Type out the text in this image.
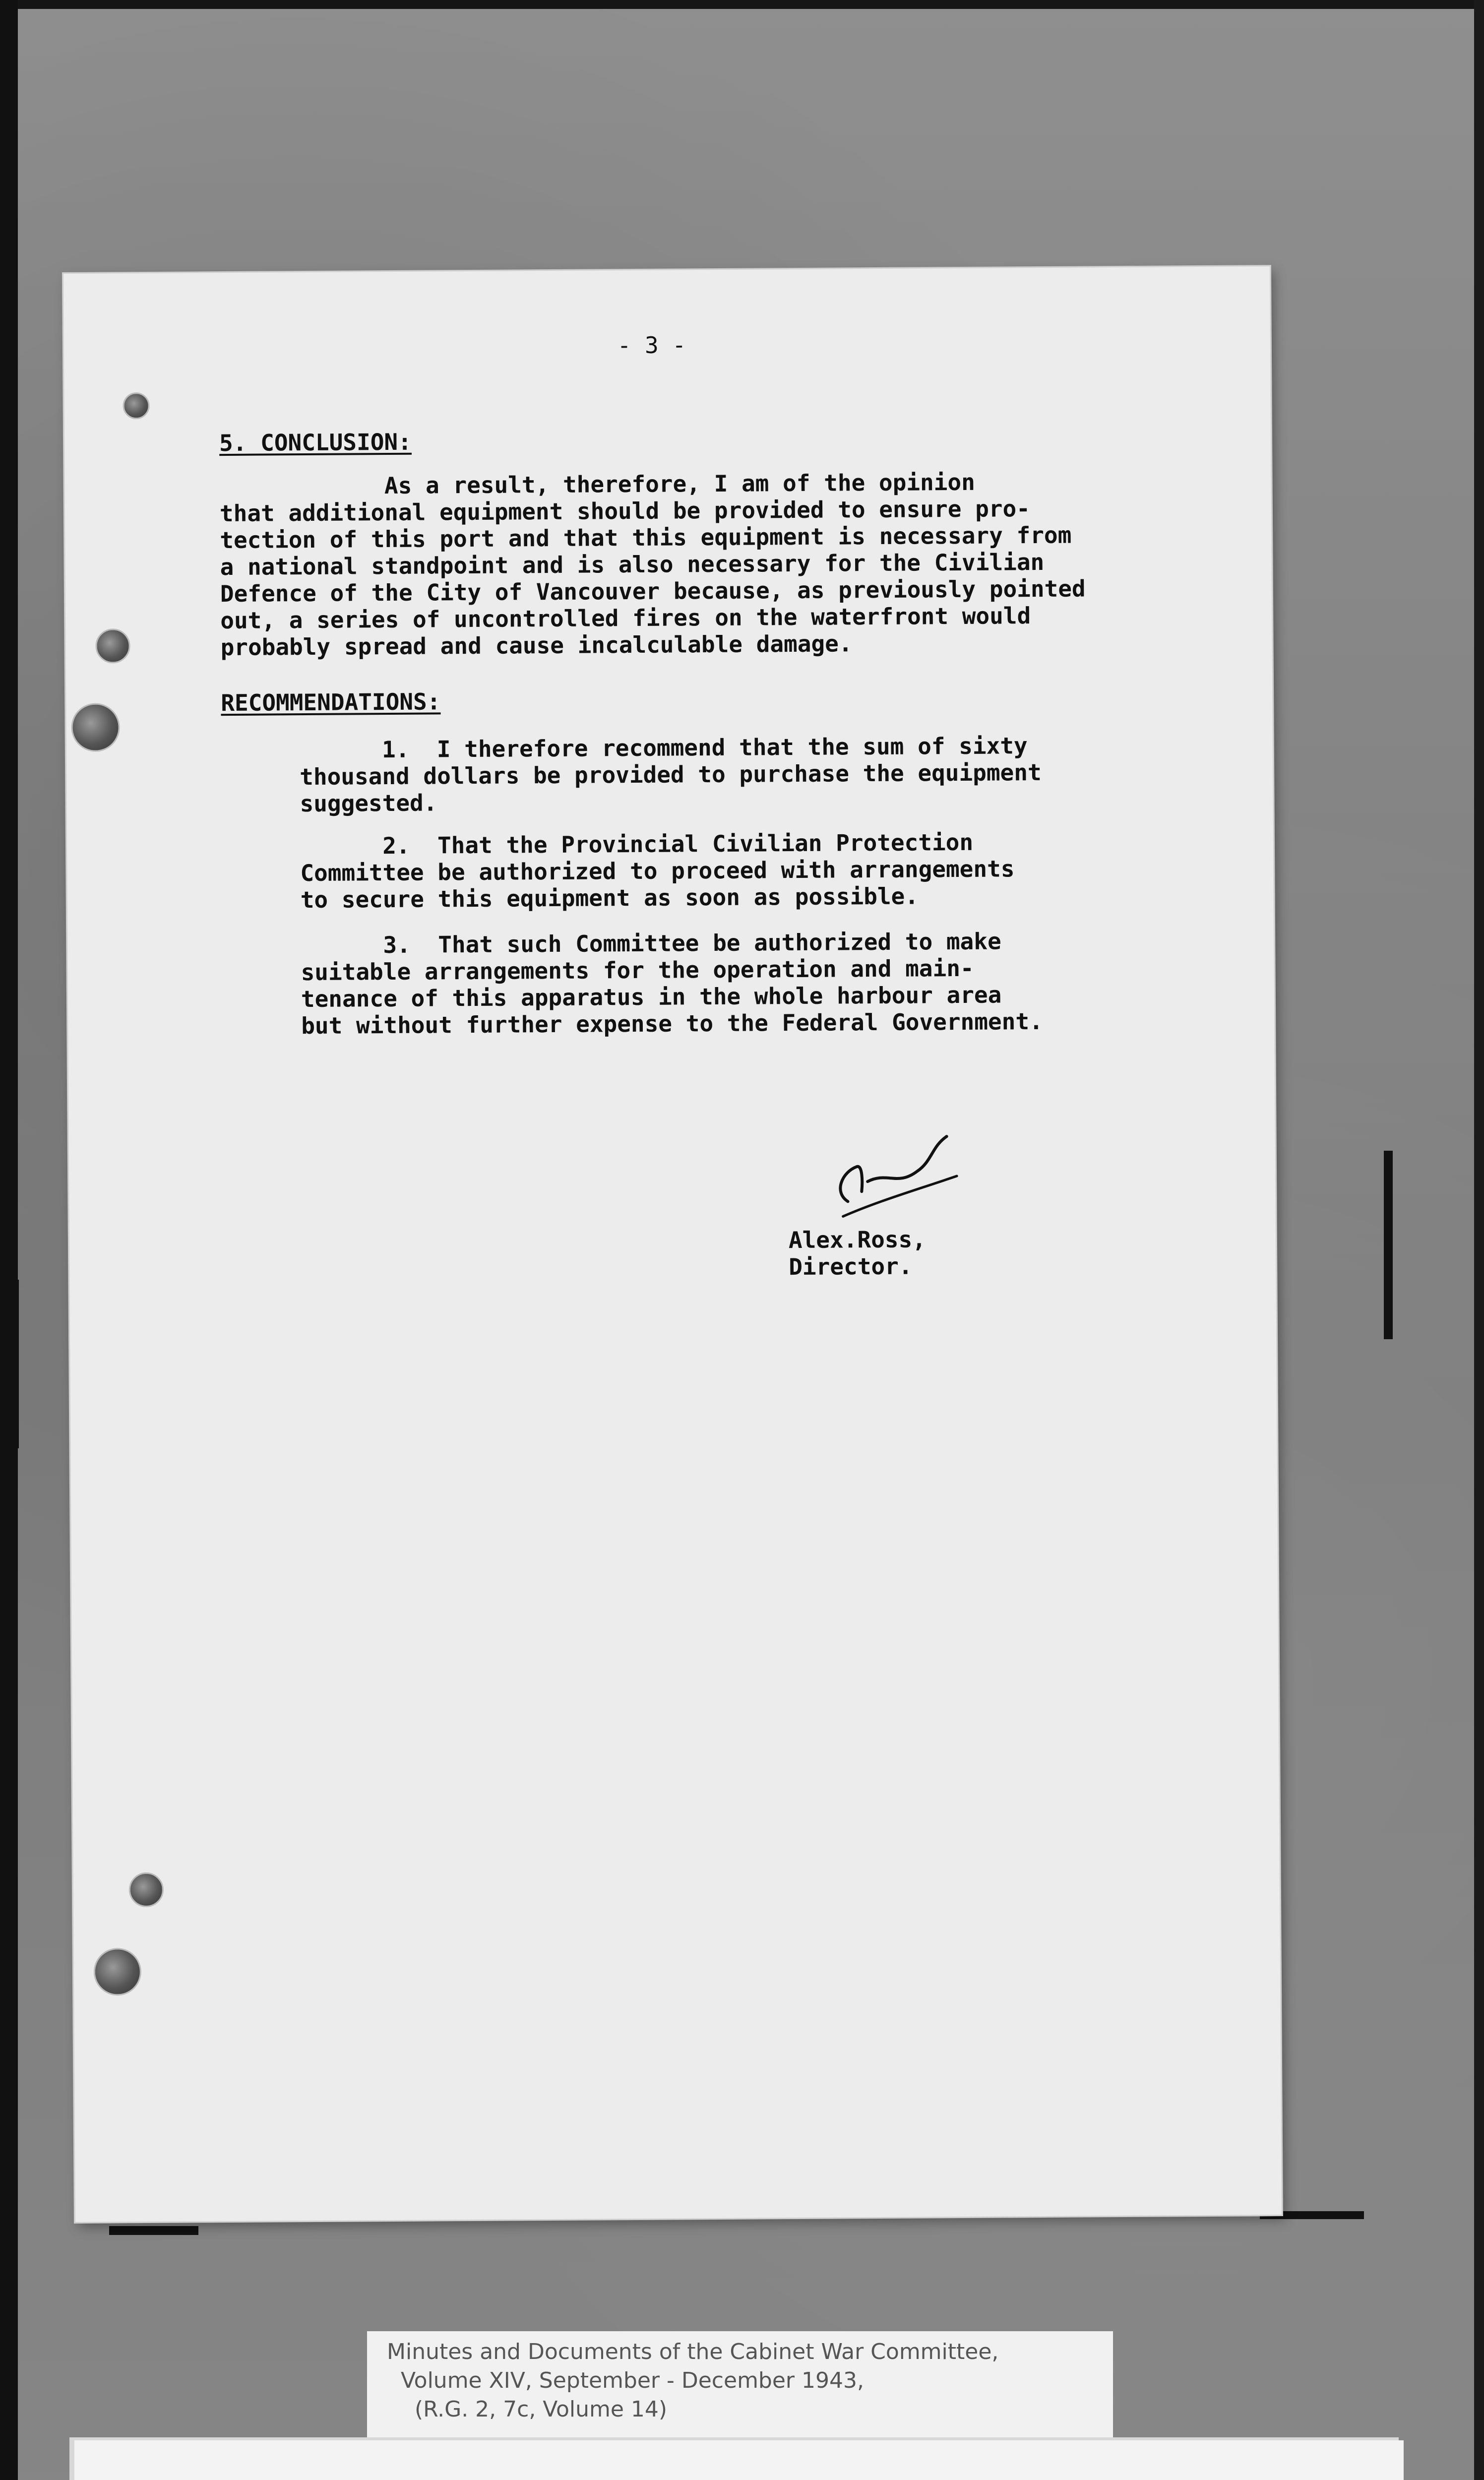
- 3 -
5. CONCLUSION:
As a result, therefore, I am of the opinion
that additional equipment should be provided to ensure pro-
tection of this port and that this equipment is necessary from
a national standpoint and is also necessary for the Civilian
Defence of the City of Vancouver because, as previously pointed
out, a series of uncontrolled fires on the waterfront would
probably spread and cause incalculable damage.
RECOMMENDATIONS:
1.  I therefore recommend that the sum of sixty
thousand dollars be provided to purchase the equipment
suggested.
2.  That the Provincial Civilian Protection
Committee be authorized to proceed with arrangements
to secure this equipment as soon as possible.
3.  That such Committee be authorized to make
suitable arrangements for the operation and main-
tenance of this apparatus in the whole harbour area
but without further expense to the Federal Government.
Alex.Ross,
Director.
Minutes and Documents of the Cabinet War Committee,
Volume XIV, September - December 1943,
(R.G. 2, 7c, Volume 14)
